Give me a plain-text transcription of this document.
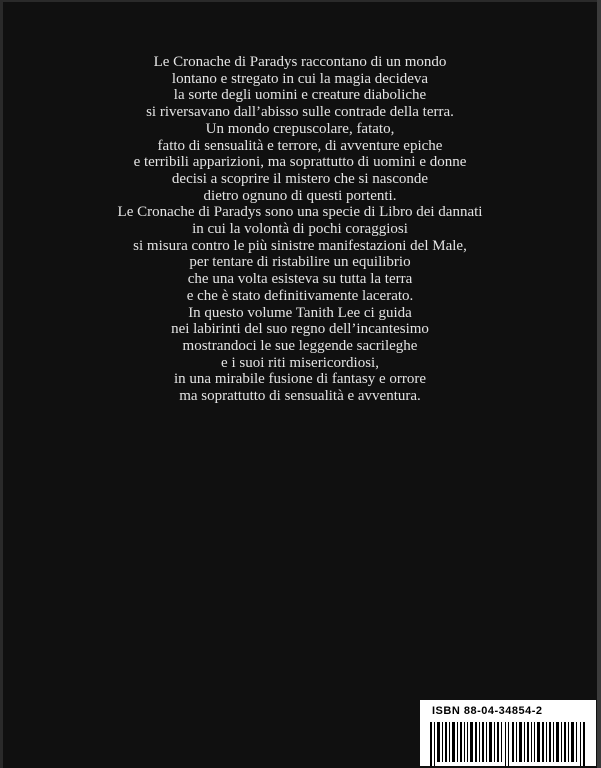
Le Cronache di Paradys raccontano di un mondo
lontano e stregato in cui la magia decideva
la sorte degli uomini e creature diaboliche
si riversavano dall’abisso sulle contrade della terra.
Un mondo crepuscolare, fatato,
fatto di sensualità e terrore, di avventure epiche
e terribili apparizioni, ma soprattutto di uomini e donne
decisi a scoprire il mistero che si nasconde
dietro ognuno di questi portenti.
Le Cronache di Paradys sono una specie di Libro dei dannati
in cui la volontà di pochi coraggiosi
si misura contro le più sinistre manifestazioni del Male,
per tentare di ristabilire un equilibrio
che una volta esisteva su tutta la terra
e che è stato definitivamente lacerato.
In questo volume Tanith Lee ci guida
nei labirinti del suo regno dell’incantesimo
mostrandoci le sue leggende sacrileghe
e i suoi riti misericordiosi,
in una mirabile fusione di fantasy e orrore
ma soprattutto di sensualità e avventura.
ISBN 88-04-34854-2
